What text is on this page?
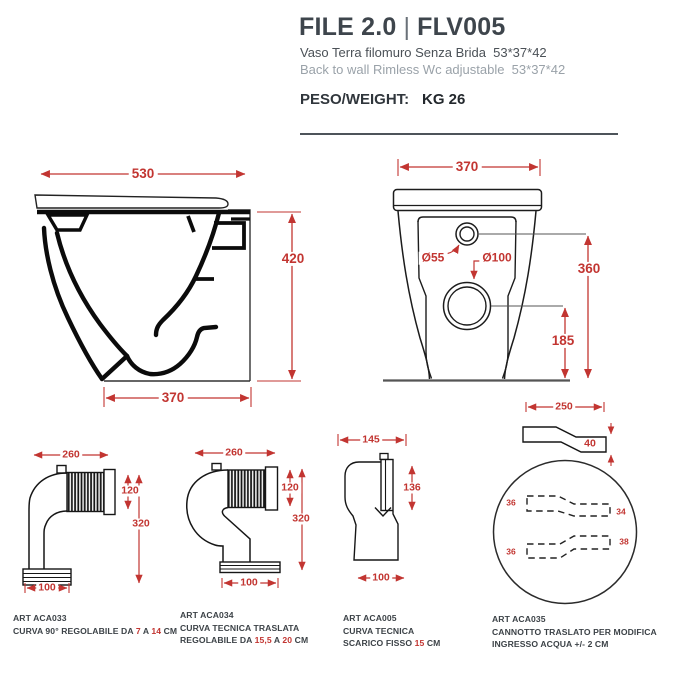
FILE 2.0 | FLV005
Vaso Terra filomuro Senza Brida  53*37*42
Back to wall Rimless Wc adjustable  53*37*42
PESO/WEIGHT: KG 26
530
420
370
370
360
185
Ø55	Ø100
260
120
320
100
260
120
320
100
145
136
100
250
40
36
34
36
38
ART ACA033
CURVA 90° REGOLABILE DA 7 A 14 CM
ART ACA034
CURVA TECNICA TRASLATA
REGOLABILE DA 15,5 A 20 CM
ART ACA005
CURVA TECNICA
SCARICO FISSO 15 CM
ART ACA035
CANNOTTO TRASLATO PER MODIFICA
INGRESSO ACQUA +/- 2 CM
